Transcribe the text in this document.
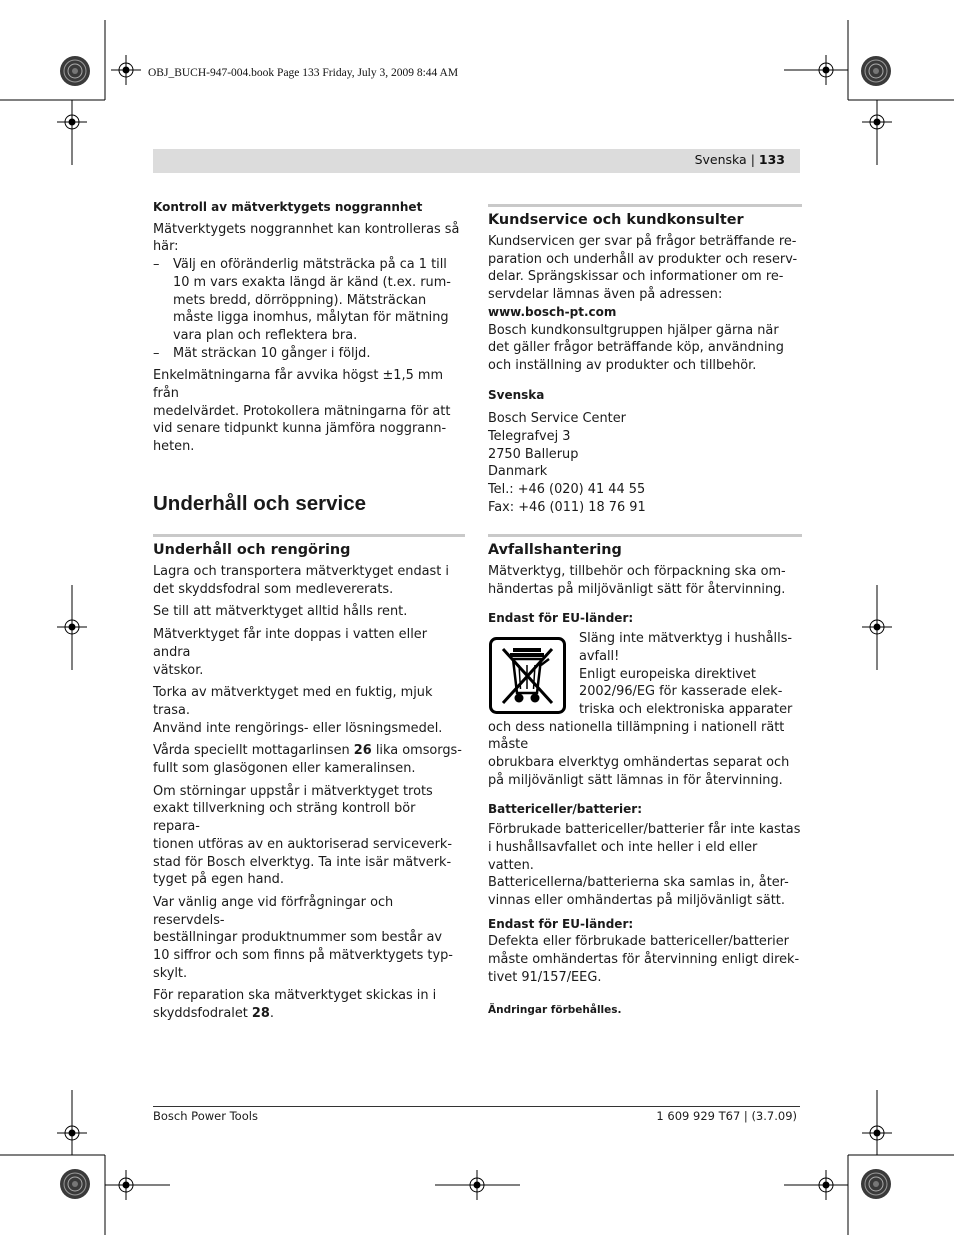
OBJ_BUCH-947-004.book Page 133 Friday, July 3, 2009 8:44 AM
Svenska | 133
Kontroll av mätverktygets noggrannhet
Mätverktygets noggrannhet kan kontrolleras så
här:
–	Välj en oföränderlig mätsträcka på ca 1 till
10 m vars exakta längd är känd (t.ex. rum-
mets bredd, dörröppning). Mätsträckan
måste ligga inomhus, målytan för mätning
vara plan och reflektera bra.
–	Mät sträckan 10 gånger i följd.
Enkelmätningarna får avvika högst ±1,5 mm från
medelvärdet. Protokollera mätningarna för att
vid senare tidpunkt kunna jämföra noggrann-
heten.
Underhåll och service
Underhåll och rengöring

Lagra och transportera mätverktyget endast i
det skyddsfodral som medlevererats.

Se till att mätverktyget alltid hålls rent.

Mätverktyget får inte doppas i vatten eller andra
vätskor.

Torka av mätverktyget med en fuktig, mjuk trasa.
Använd inte rengörings- eller lösningsmedel.

Vårda speciellt mottagarlinsen 26 lika omsorgs-
fullt som glasögonen eller kameralinsen.

Om störningar uppstår i mätverktyget trots
exakt tillverkning och sträng kontroll bör repara-
tionen utföras av en auktoriserad serviceverk-
stad för Bosch elverktyg. Ta inte isär mätverk-
tyget på egen hand.

Var vänlig ange vid förfrågningar och reservdels-
beställningar produktnummer som består av
10 siffror och som finns på mätverktygets typ-
skylt.

För reparation ska mätverktyget skickas in i
skyddsfodralet 28.

Kundservice och kundkonsulter
Kundservicen ger svar på frågor beträffande re-
paration och underhåll av produkter och reserv-
delar. Sprängskissar och informationer om re-
servdelar lämnas även på adressen:
www.bosch-pt.com
Bosch kundkonsultgruppen hjälper gärna när
det gäller frågor beträffande köp, användning
och inställning av produkter och tillbehör.
Svenska
Bosch Service Center
Telegrafvej 3
2750 Ballerup
Danmark
Tel.: +46 (020) 41 44 55
Fax: +46 (011) 18 76 91
Avfallshantering
Mätverktyg, tillbehör och förpackning ska om-
händertas på miljövänligt sätt för återvinning.
Endast för EU-länder:
Släng inte mätverktyg i hushålls-
avfall!
Enligt europeiska direktivet
2002/96/EG för kasserade elek-
triska och elektroniska apparater
och dess nationella tillämpning i nationell rätt måste
obrukbara elverktyg omhändertas separat och
på miljövänligt sätt lämnas in för återvinning.
Battericeller/batterier:
Förbrukade battericeller/batterier får inte kastas
i hushållsavfallet och inte heller i eld eller vatten.
Battericellerna/batterierna ska samlas in, åter-
vinnas eller omhändertas på miljövänligt sätt.
Endast för EU-länder:
Defekta eller förbrukade battericeller/batterier
måste omhändertas för återvinning enligt direk-
tivet 91/157/EEG.
Ändringar förbehålles.
Bosch Power Tools	1 609 929 T67 | (3.7.09)
